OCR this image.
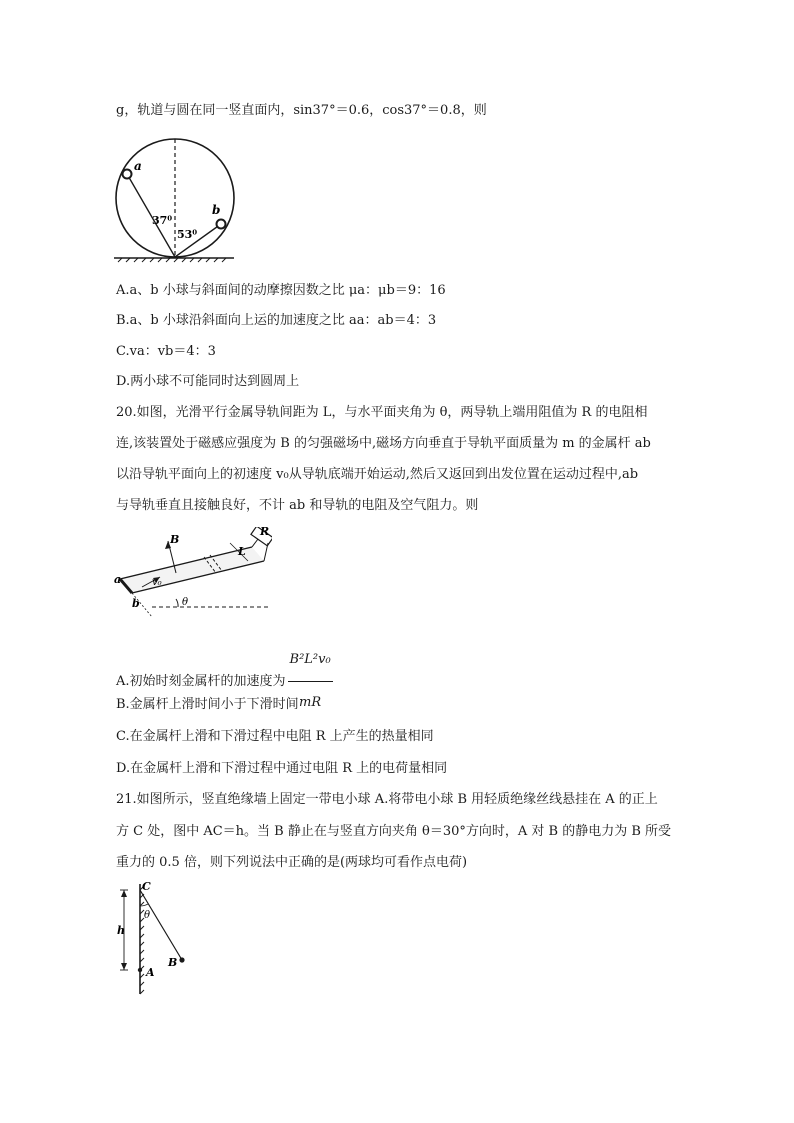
g，轨道与圆在同一竖直面内，sin37°＝0.6，cos37°＝0.8，则
a
b
37⁰
53⁰
A.a、b 小球与斜面间的动摩擦因数之比 μa：μb＝9：16
B.a、b 小球沿斜面向上运的加速度之比 aa：ab＝4：3
C.va：vb＝4：3
D.两小球不可能同时达到圆周上
20.如图，光滑平行金属导轨间距为 L，与水平面夹角为 θ，两导轨上端用阻值为 R 的电阻相
连,该装置处于磁感应强度为 B 的匀强磁场中,磁场方向垂直于导轨平面质量为 m 的金属杆 ab
以沿导轨平面向上的初速度 v₀从导轨底端开始运动,然后又返回到出发位置在运动过程中,ab
与导轨垂直且接触良好，不计 ab 和导轨的电阻及空气阻力。则
B
L
R
a
b
v₀
θ
A.初始时刻金属杆的加速度为 $\frac{\text{B²L²v₀}}{mR}$
B.金属杆上滑时间小于下滑时间
C.在金属杆上滑和下滑过程中电阻 R 上产生的热量相同
D.在金属杆上滑和下滑过程中通过电阻 R 上的电荷量相同
21.如图所示，竖直绝缘墙上固定一带电小球 A.将带电小球 B 用轻质绝缘丝线悬挂在 A 的正上
方 C 处，图中 AC＝h。当 B 静止在与竖直方向夹角 θ＝30°方向时，A 对 B 的静电力为 B 所受
重力的 0.5 倍，则下列说法中正确的是(两球均可看作点电荷)
C
θ
h
A
B
